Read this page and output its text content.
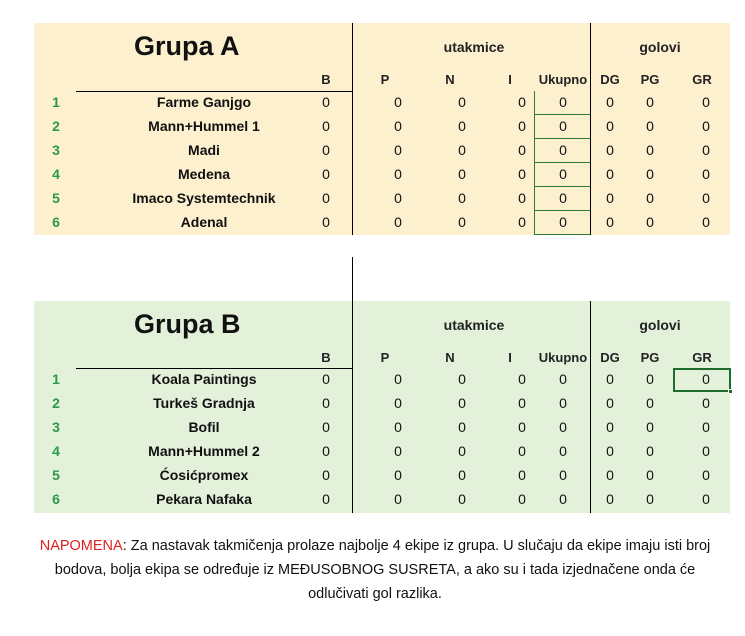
Grupa A	utakmice	golovi
B	P	N	I	Ukupno	DG	PG	GR
1	Farme Ganjgo	0	0	0	0	0	0	0	0
2	Mann+Hummel 1	0	0	0	0	0	0	0	0
3	Madi	0	0	0	0	0	0	0	0
4	Medena	0	0	0	0	0	0	0	0
5	Imaco Systemtechnik	0	0	0	0	0	0	0	0
6	Adenal	0	0	0	0	0	0	0	0
Grupa B	utakmice	golovi
B	P	N	I	Ukupno	DG	PG	GR
1	Koala Paintings	0	0	0	0	0	0	0	0
2	Turkeš Gradnja	0	0	0	0	0	0	0	0
3	Bofil	0	0	0	0	0	0	0	0
4	Mann+Hummel 2	0	0	0	0	0	0	0	0
5	Ćosićpromex	0	0	0	0	0	0	0	0
6	Pekara Nafaka	0	0	0	0	0	0	0	0
NAPOMENA: Za nastavak takmičenja prolaze najbolje 4 ekipe iz grupa. U slučaju da ekipe imaju isti broj bodova, bolja ekipa se određuje iz MEĐUSOBNOG SUSRETA, a ako su i tada izjednačene onda će odlučivati gol razlika.
